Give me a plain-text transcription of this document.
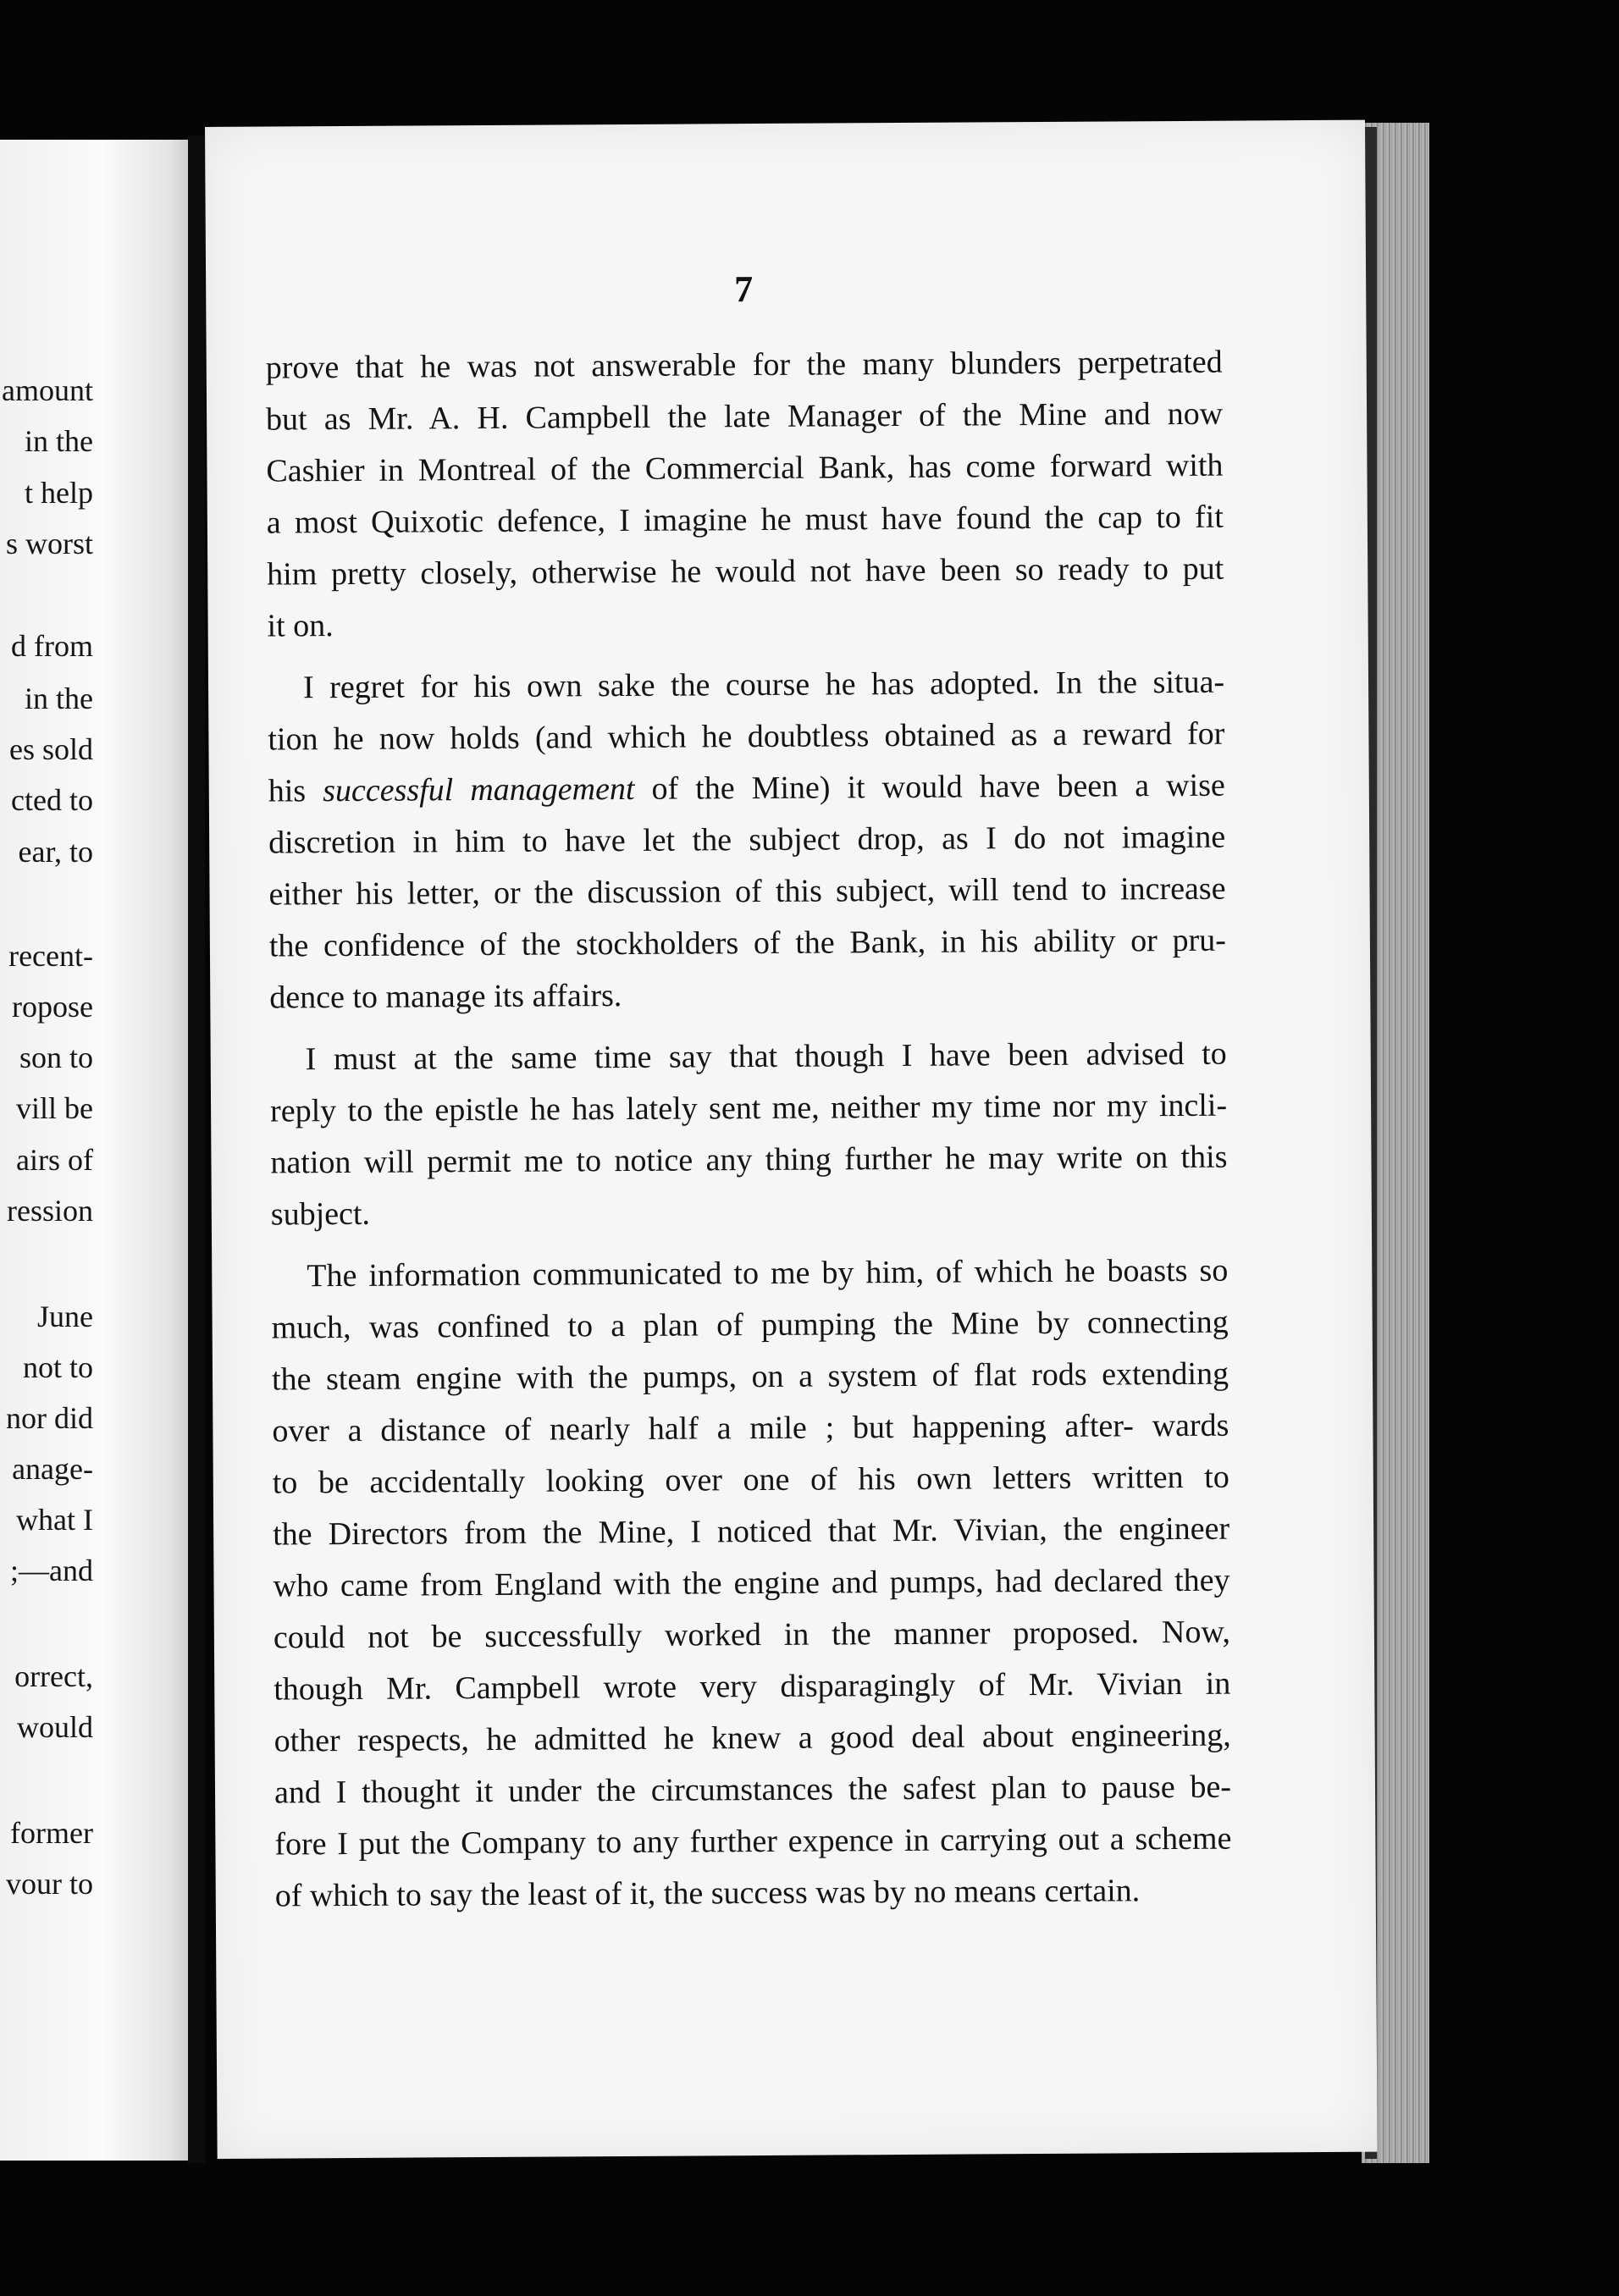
amount
in the
t help
s worst
d from
in the
es sold
cted to
ear, to
recent-
ropose
son to
vill be
airs of
ression
June
not to
nor did
anage-
what I
;—and
orrect,
would
former
vour to
7
prove that he was not answerable for the many blunders perpetrated
but as Mr. A. H. Campbell the late Manager of the Mine and now
Cashier in Montreal of the Commercial Bank, has come forward with
a most Quixotic defence, I imagine he must have found the cap to fit
him pretty closely, otherwise he would not have been so ready to put
it on.
I regret for his own sake the course he has adopted. In the situa-
tion he now holds (and which he doubtless obtained as a reward for
his successful management of the Mine) it would have been a wise
discretion in him to have let the subject drop, as I do not imagine
either his letter, or the discussion of this subject, will tend to increase
the confidence of the stockholders of the Bank, in his ability or pru-
dence to manage its affairs.
I must at the same time say that though I have been advised to
reply to the epistle he has lately sent me, neither my time nor my incli-
nation will permit me to notice any thing further he may write on this
subject.
The information communicated to me by him, of which he boasts so
much, was confined to a plan of pumping the Mine by connecting
the steam engine with the pumps, on a system of flat rods extending
over a distance of nearly half a mile ; but happening after- wards
to be accidentally looking over one of his own letters written to
the Directors from the Mine, I noticed that Mr. Vivian, the engineer
who came from England with the engine and pumps, had declared they
could not be successfully worked in the manner proposed. Now,
though Mr. Campbell wrote very disparagingly of Mr. Vivian in
other respects, he admitted he knew a good deal about engineering,
and I thought it under the circumstances the safest plan to pause be-
fore I put the Company to any further expence in carrying out a scheme
of which to say the least of it, the success was by no means certain.
